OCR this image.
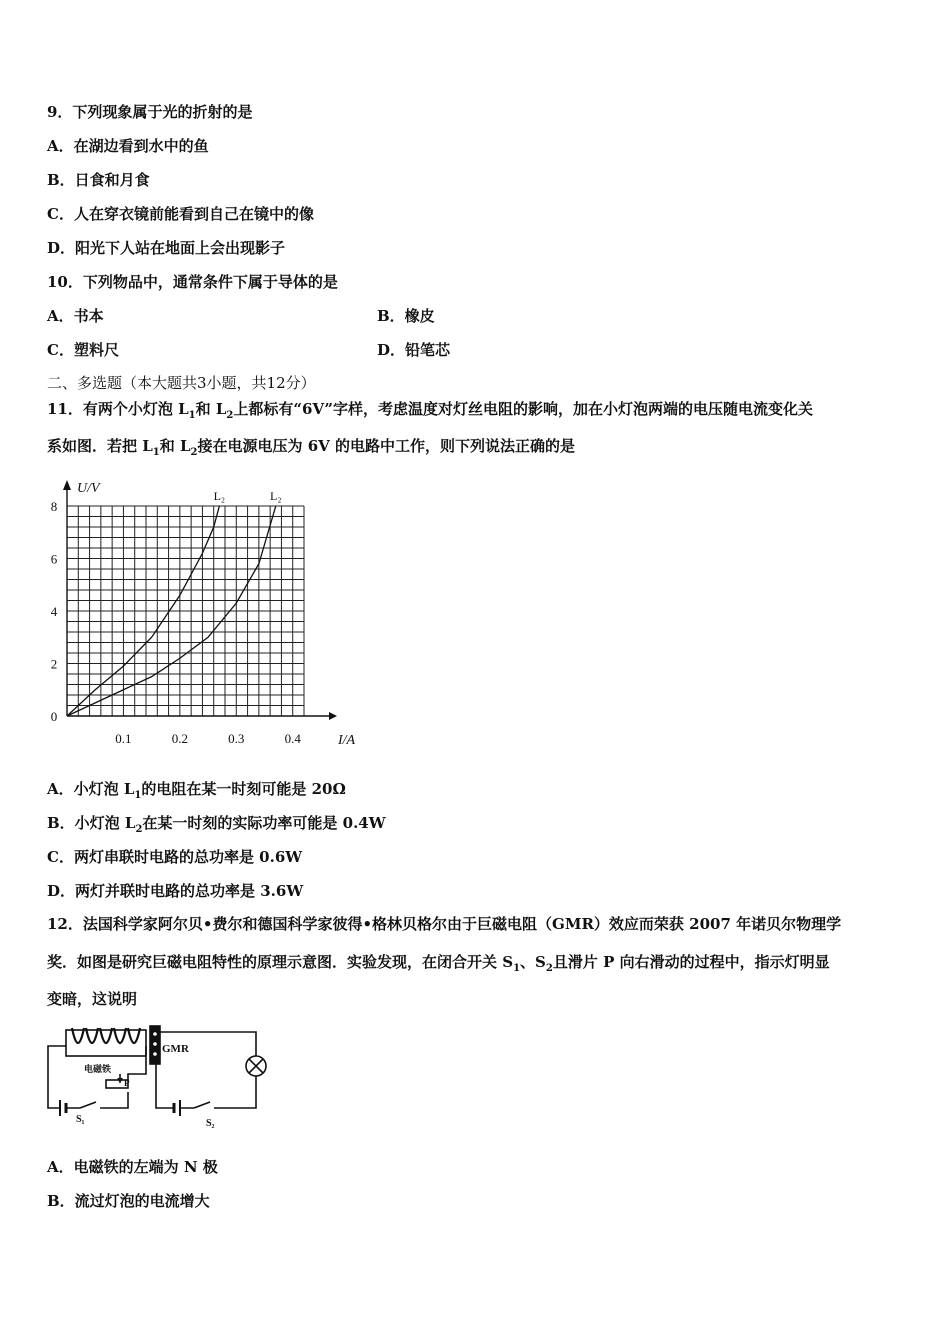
9．下列现象属于光的折射的是
A．在湖边看到水中的鱼
B．日食和月食
C．人在穿衣镜前能看到自己在镜中的像
D．阳光下人站在地面上会出现影子
10．下列物品中，通常条件下属于导体的是
A．书本	B．橡皮
C．塑料尺	D．铅笔芯
二、多选题（本大题共3小题，共12分）
11．有两个小灯泡 $L_1$和 $L_2$上都标有“6V”字样，考虑温度对灯丝电阻的影响，加在小灯泡两端的电压随电流变化关
系如图．若把 $L_1$和 $L_2$接在电源电压为 6V 的电路中工作，则下列说法正确的是
0.1	0.2	0.3	0.4
0
2
4
6
8
I/A
U/V	L₂	L₂
A．小灯泡 $L_1$的电阻在某一时刻可能是 20Ω
B．小灯泡 $L_2$在某一时刻的实际功率可能是 0.4W
C．两灯串联时电路的总功率是 0.6W
D．两灯并联时电路的总功率是 3.6W
12．法国科学家阿尔贝•费尔和德国科学家彼得•格林贝格尔由于巨磁电阻（GMR）效应而荣获 2007 年诺贝尔物理学
奖．如图是研究巨磁电阻特性的原理示意图．实验发现，在闭合开关 $S_1$、$S_2$且滑片 P 向右滑动的过程中，指示灯明显
变暗，这说明
GMR
电磁铁
P
S₁	S₂
A．电磁铁的左端为 N 极
B．流过灯泡的电流增大
